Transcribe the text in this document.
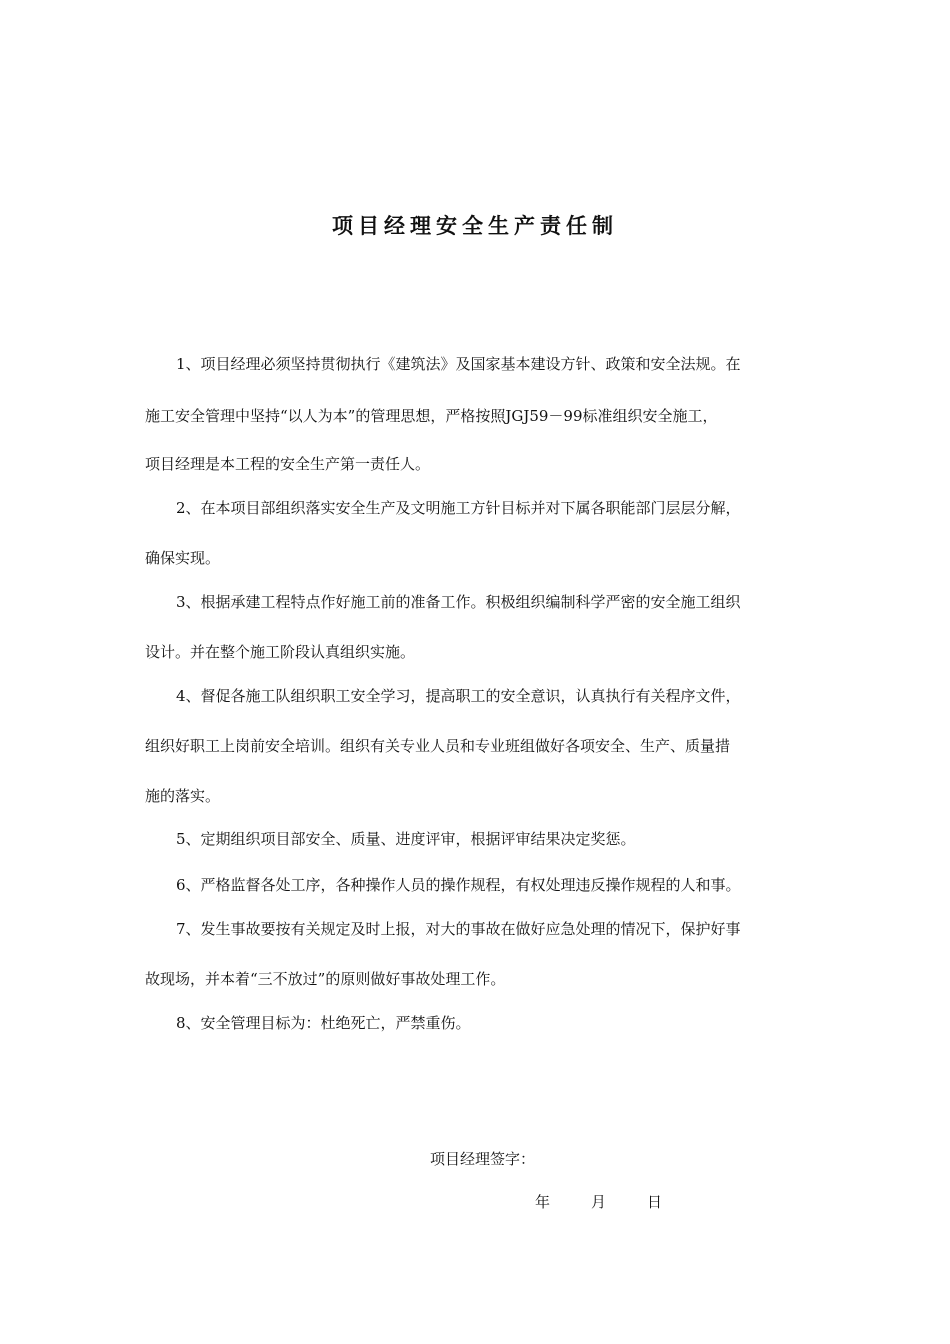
项目经理安全生产责任制

1、项目经理必须坚持贯彻执行《建筑法》及国家基本建设方针、政策和安全法规。在

施工安全管理中坚持“以人为本”的管理思想，严格按照JGJ59－99标准组织安全施工，

项目经理是本工程的安全生产第一责任人。

2、在本项目部组织落实安全生产及文明施工方针目标并对下属各职能部门层层分解，

确保实现。

3、根据承建工程特点作好施工前的准备工作。积极组织编制科学严密的安全施工组织

设计。并在整个施工阶段认真组织实施。

4、督促各施工队组织职工安全学习，提高职工的安全意识，认真执行有关程序文件，

组织好职工上岗前安全培训。组织有关专业人员和专业班组做好各项安全、生产、质量措

施的落实。

5、定期组织项目部安全、质量、进度评审，根据评审结果决定奖惩。

6、严格监督各处工序，各种操作人员的操作规程，有权处理违反操作规程的人和事。

7、发生事故要按有关规定及时上报，对大的事故在做好应急处理的情况下，保护好事

故现场，并本着“三不放过”的原则做好事故处理工作。

8、安全管理目标为：杜绝死亡，严禁重伤。

项目经理签字：
年	月	日
